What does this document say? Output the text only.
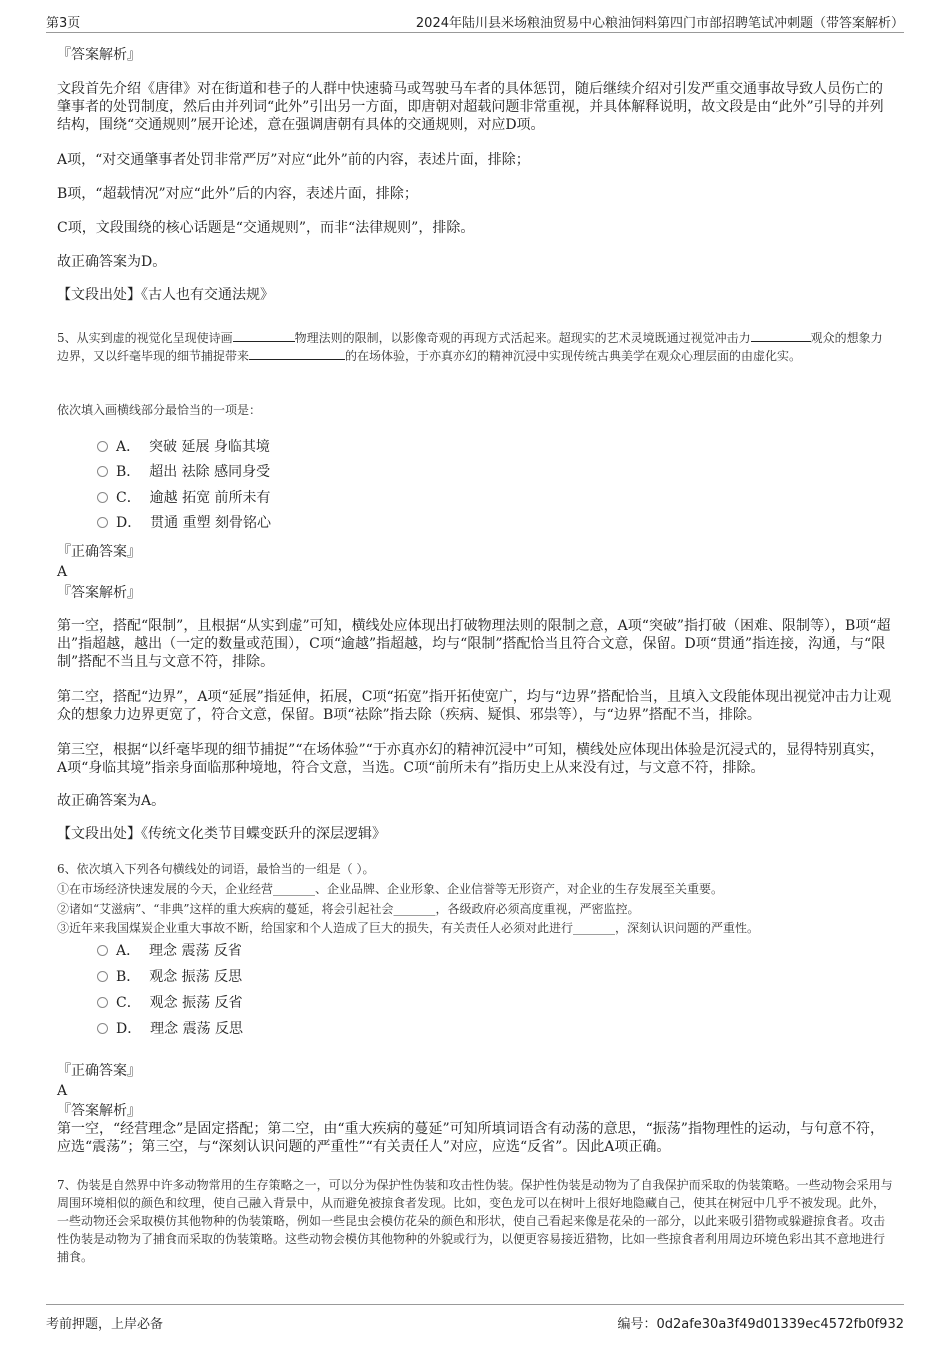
第3页	2024年陆川县米场粮油贸易中心粮油饲料第四门市部招聘笔试冲刺题（带答案解析）
『答案解析』
文段首先介绍《唐律》对在街道和巷子的人群中快速骑马或驾驶马车者的具体惩罚，随后继续介绍对引发严重交通事故导致人员伤亡的肇事者的处罚制度，然后由并列词“此外”引出另一方面，即唐朝对超载问题非常重视，并具体解释说明，故文段是由“此外”引导的并列结构，围绕“交通规则”展开论述，意在强调唐朝有具体的交通规则，对应D项。
A项，“对交通肇事者处罚非常严厉”对应“此外”前的内容，表述片面，排除；
B项，“超载情况”对应“此外”后的内容，表述片面，排除；
C项，文段围绕的核心话题是“交通规则”，而非“法律规则”，排除。
故正确答案为D。
【文段出处】《古人也有交通法规》
5、从实到虚的视觉化呈现使诗画	物理法则的限制，以影像奇观的再现方式活起来。超现实的艺术灵境既通过视觉冲击力	观众的想象力边界，又以纤毫毕现的细节捕捉带来	的在场体验，于亦真亦幻的精神沉浸中实现传统古典美学在观众心理层面的由虚化实。
依次填入画横线部分最恰当的一项是：
A． 突破 延展 身临其境
B． 超出 祛除 感同身受
C． 逾越 拓宽 前所未有
D． 贯通 重塑 刻骨铭心
『正确答案』
A
『答案解析』
第一空，搭配“限制”，且根据“从实到虚”可知，横线处应体现出打破物理法则的限制之意，A项“突破”指打破（困难、限制等），B项“超出”指超越，越出（一定的数量或范围），C项“逾越”指超越，均与“限制”搭配恰当且符合文意，保留。D项“贯通”指连接，沟通，与“限制”搭配不当且与文意不符，排除。
第二空，搭配“边界”，A项“延展”指延伸，拓展，C项“拓宽”指开拓使宽广，均与“边界”搭配恰当，且填入文段能体现出视觉冲击力让观众的想象力边界更宽了，符合文意，保留。B项“祛除”指去除（疾病、疑惧、邪祟等），与“边界”搭配不当，排除。
第三空，根据“以纤毫毕现的细节捕捉”“在场体验”“于亦真亦幻的精神沉浸中”可知，横线处应体现出体验是沉浸式的，显得特别真实，A项“身临其境”指亲身面临那种境地，符合文意，当选。C项“前所未有”指历史上从来没有过，与文意不符，排除。
故正确答案为A。
【文段出处】《传统文化类节目蝶变跃升的深层逻辑》
6、依次填入下列各句横线处的词语，最恰当的一组是（ ）。
①在市场经济快速发展的今天，企业经营_______、企业品牌、企业形象、企业信誉等无形资产，对企业的生存发展至关重要。
②诸如“艾滋病”、“非典”这样的重大疾病的蔓延，将会引起社会_______，各级政府必须高度重视，严密监控。
③近年来我国煤炭企业重大事故不断，给国家和个人造成了巨大的损失，有关责任人必须对此进行_______，深刻认识问题的严重性。
A． 理念 震荡 反省
B． 观念 振荡 反思
C． 观念 振荡 反省
D． 理念 震荡 反思
『正确答案』
A
『答案解析』
第一空，“经营理念”是固定搭配；第二空，由“重大疾病的蔓延”可知所填词语含有动荡的意思，“振荡”指物理性的运动，与句意不符，应选“震荡”；第三空，与“深刻认识问题的严重性”“有关责任人”对应，应选“反省”。因此A项正确。
7、伪装是自然界中许多动物常用的生存策略之一，可以分为保护性伪装和攻击性伪装。保护性伪装是动物为了自我保护而采取的伪装策略。一些动物会采用与周围环境相似的颜色和纹理，使自己融入背景中，从而避免被掠食者发现。比如，变色龙可以在树叶上很好地隐藏自己，使其在树冠中几乎不被发现。此外，一些动物还会采取模仿其他物种的伪装策略，例如一些昆虫会模仿花朵的颜色和形状，使自己看起来像是花朵的一部分，以此来吸引猎物或躲避掠食者。攻击性伪装是动物为了捕食而采取的伪装策略。这些动物会模仿其他物种的外貌或行为，以便更容易接近猎物，比如一些掠食者利用周边环境色彩出其不意地进行捕食。
考前押题，上岸必备	编号：0d2afe30a3f49d01339ec4572fb0f932
